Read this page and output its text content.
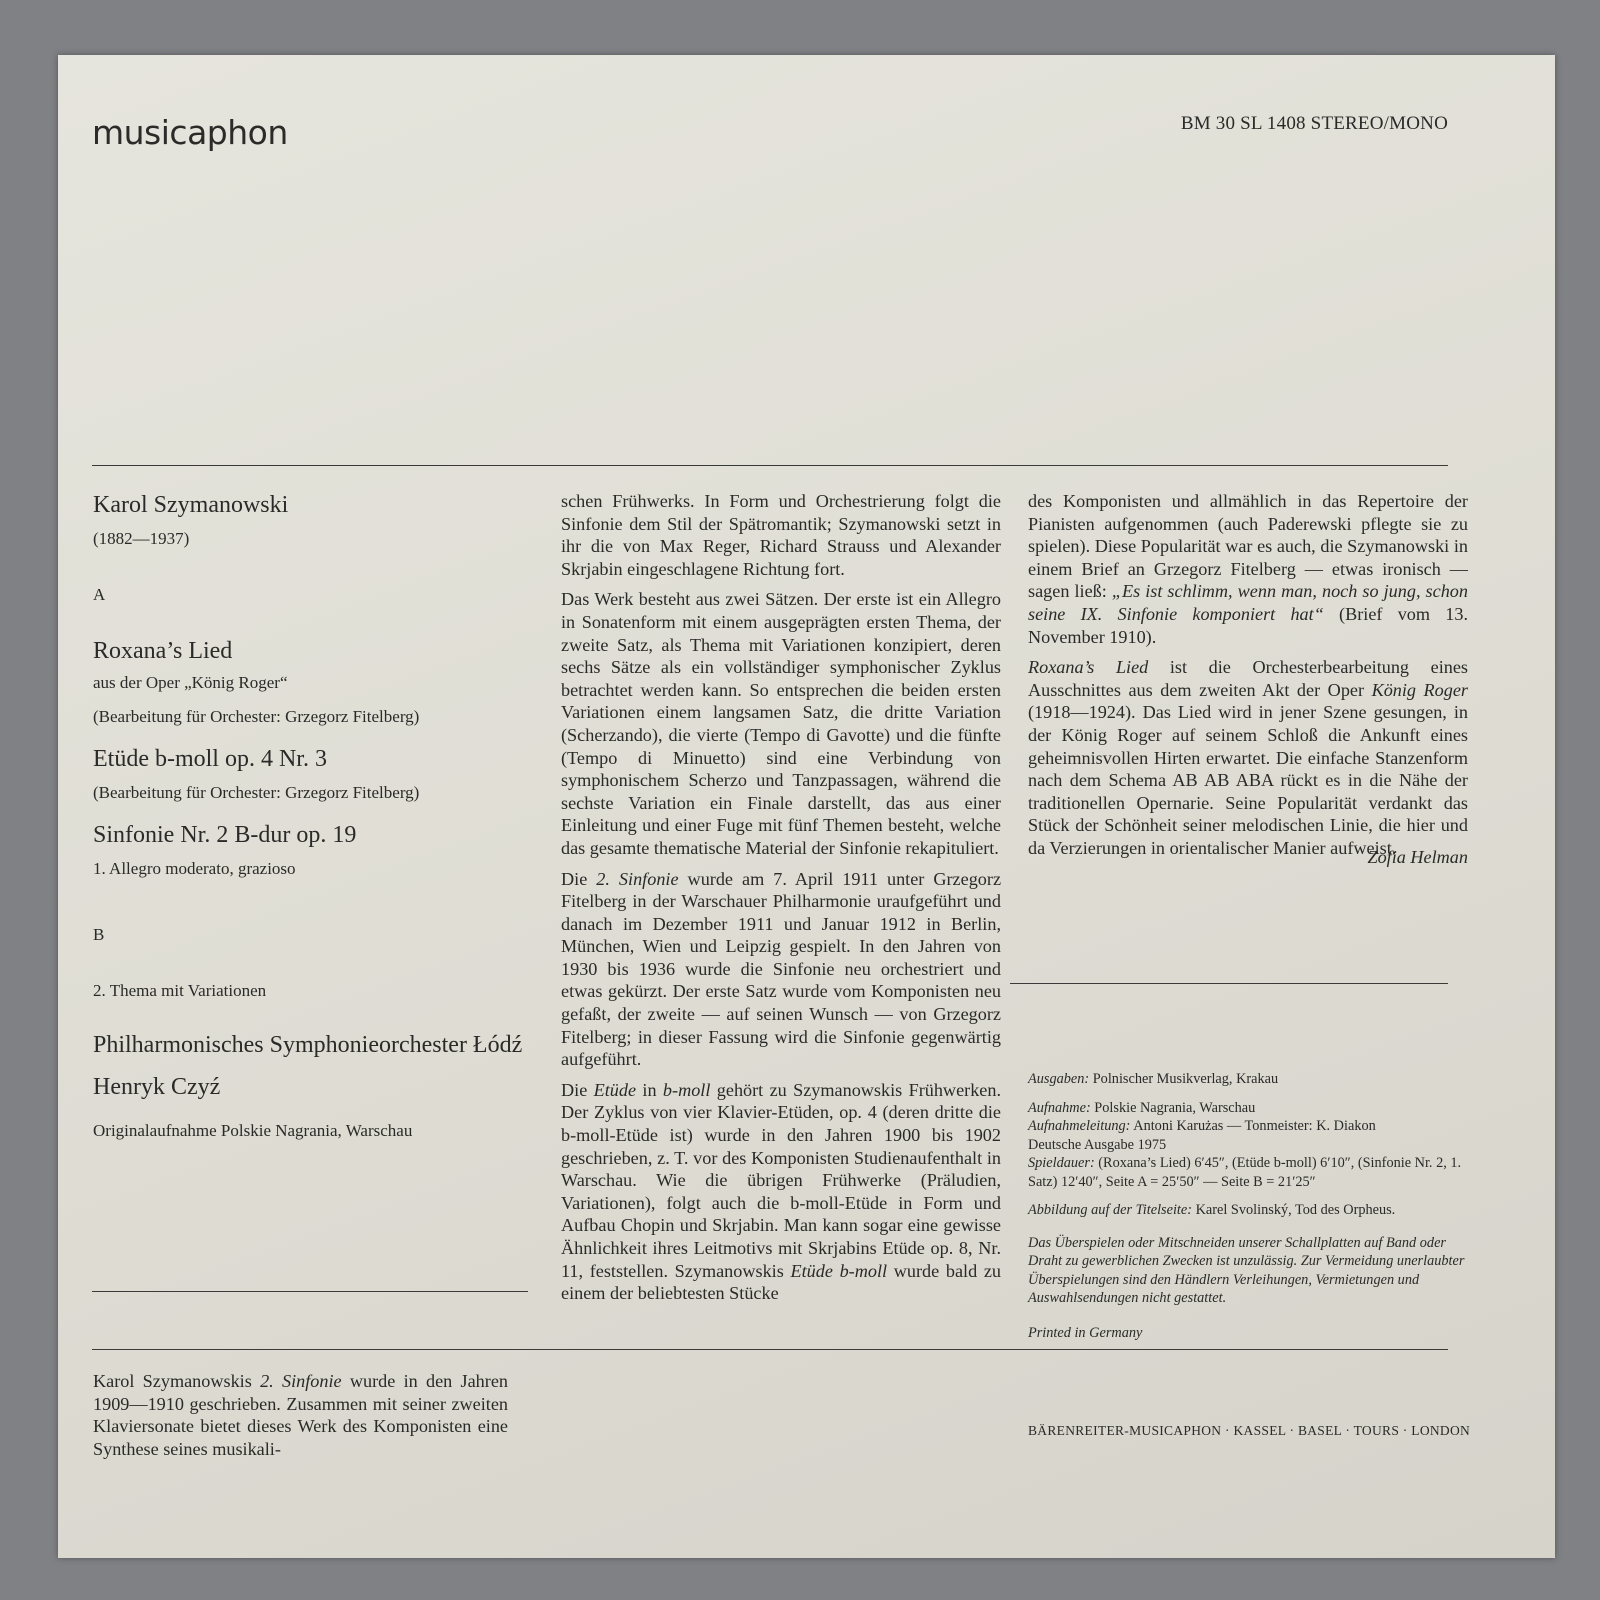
musicaphon	BM 30 SL 1408 STEREO/MONO
Karol Szymanowski
(1882—1937)
A
Roxana’s Lied
aus der Oper „König Roger“
(Bearbeitung für Orchester: Grzegorz Fitelberg)
Etüde b-moll op. 4 Nr. 3
(Bearbeitung für Orchester: Grzegorz Fitelberg)
Sinfonie Nr. 2 B-dur op. 19
1. Allegro moderato, grazioso
B
2. Thema mit Variationen
Philharmonisches Symphonieorchester Łódź
Henryk Czyź
Originalaufnahme Polskie Nagrania, Warschau

Karol Szymanowskis 2. Sinfonie wurde in den Jahren 1909—1910 geschrieben. Zusammen mit seiner zweiten Klaviersonate bietet dieses Werk des Komponisten eine Synthese seines musikali-

schen Frühwerks. In Form und Orchestrierung folgt die Sinfonie dem Stil der Spätromantik; Szymanowski setzt in ihr die von Max Reger, Richard Strauss und Alexander Skrjabin eingeschlagene Richtung fort.

Das Werk besteht aus zwei Sätzen. Der erste ist ein Allegro in Sonatenform mit einem ausgeprägten ersten Thema, der zweite Satz, als Thema mit Variationen konzipiert, deren sechs Sätze als ein vollständiger symphonischer Zyklus betrachtet werden kann. So entsprechen die beiden ersten Variationen einem langsamen Satz, die dritte Variation (Scherzando), die vierte (Tempo di Gavotte) und die fünfte (Tempo di Minuetto) sind eine Verbindung von symphonischem Scherzo und Tanzpassagen, während die sechste Variation ein Finale darstellt, das aus einer Einleitung und einer Fuge mit fünf Themen besteht, welche das gesamte thematische Material der Sinfonie rekapituliert.

Die 2. Sinfonie wurde am 7. April 1911 unter Grzegorz Fitelberg in der Warschauer Philharmonie uraufgeführt und danach im Dezember 1911 und Januar 1912 in Berlin, München, Wien und Leipzig gespielt. In den Jahren von 1930 bis 1936 wurde die Sinfonie neu orchestriert und etwas gekürzt. Der erste Satz wurde vom Komponisten neu gefaßt, der zweite — auf seinen Wunsch — von Grzegorz Fitelberg; in dieser Fassung wird die Sinfonie gegenwärtig aufgeführt.

Die Etüde in b-moll gehört zu Szymanowskis Frühwerken. Der Zyklus von vier Klavier-Etüden, op. 4 (deren dritte die b-moll-Etüde ist) wurde in den Jahren 1900 bis 1902 geschrieben, z. T. vor des Komponisten Studienaufenthalt in Warschau. Wie die übrigen Frühwerke (Präludien, Variationen), folgt auch die b-moll-Etüde in Form und Aufbau Chopin und Skrjabin. Man kann sogar eine gewisse Ähnlichkeit ihres Leitmotivs mit Skrjabins Etüde op. 8, Nr. 11, feststellen. Szymanowskis Etüde b-moll wurde bald zu einem der beliebtesten Stücke

des Komponisten und allmählich in das Repertoire der Pianisten aufgenommen (auch Paderewski pflegte sie zu spielen). Diese Popularität war es auch, die Szymanowski in einem Brief an Grzegorz Fitelberg — etwas ironisch — sagen ließ: „Es ist schlimm, wenn man, noch so jung, schon seine IX. Sinfonie komponiert hat“ (Brief vom 13. November 1910).

Roxana’s Lied ist die Orchesterbearbeitung eines Ausschnittes aus dem zweiten Akt der Oper König Roger (1918—1924). Das Lied wird in jener Szene gesungen, in der König Roger auf seinem Schloß die Ankunft eines geheimnisvollen Hirten erwartet. Die einfache Stanzenform nach dem Schema AB AB ABA rückt es in die Nähe der traditionellen Opernarie. Seine Popularität verdankt das Stück der Schönheit seiner melodischen Linie, die hier und da Verzierungen in orientalischer Manier aufweist.

Zofia Helman

Ausgaben: Polnischer Musikverlag, Krakau

Aufnahme: Polskie Nagrania, Warschau

Aufnahmeleitung: Antoni Karużas — Tonmeister: K. Diakon

Deutsche Ausgabe 1975

Spieldauer: (Roxana’s Lied) 6′45″, (Etüde b-moll) 6′10″, (Sinfonie Nr. 2, 1. Satz) 12′40″, Seite A = 25′50″ — Seite B = 21′25″

Abbildung auf der Titelseite: Karel Svolinský, Tod des Orpheus.

Das Überspielen oder Mitschneiden unserer Schallplatten auf Band oder Draht zu gewerblichen Zwecken ist unzulässig. Zur Vermeidung unerlaubter Überspielungen sind den Händlern Verleihungen, Vermietungen und Auswahlsendungen nicht gestattet.

Printed in Germany

BÄRENREITER-MUSICAPHON · KASSEL · BASEL · TOURS · LONDON
